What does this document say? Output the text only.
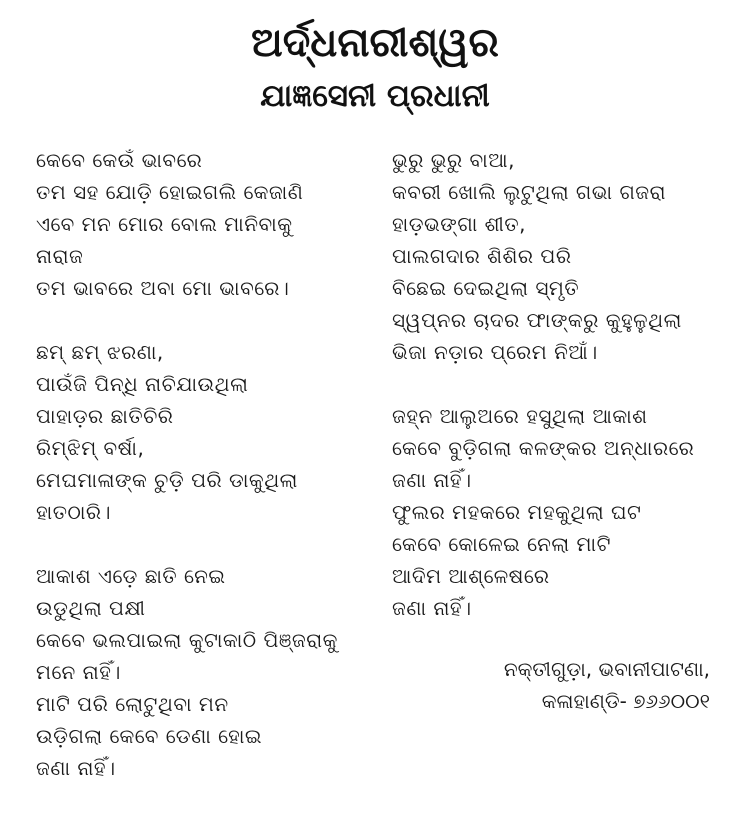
ଅର୍ଦ୍ଧନାରୀଶ୍ୱର
ଯାଜ୍ଞସେନୀ ପ୍ରଧାନୀ
କେବେ କେଉଁ ଭାବରେ
ତମ ସହ ଯୋଡ଼ି ହୋଇଗଲି କେଜାଣି
ଏବେ ମନ ମୋର ବୋଲ ମାନିବାକୁ
ନାରାଜ
ତମ ଭାବରେ ଅବା ମୋ ଭାବରେ।
ଛମ୍ ଛମ୍ ଝରଣା,
ପାଉଁଜି ପିନ୍ଧି ନାଚିଯାଉଥିଲା
ପାହାଡ଼ର ଛାତିଚିରି
ରିମ୍‌ଝିମ୍ ବର୍ଷା,
ମେଘମାଳାଙ୍କ ଚୁଡ଼ି ପରି ଡାକୁଥିଲା
ହାତଠାରି।
ଆକାଶ ଏଡ଼େ ଛାତି ନେଇ
ଉଡୁଥିଲା ପକ୍ଷୀ
କେବେ ଭଲପାଇଲା କୁଟାକାଠି ପିଞ୍ଜରାକୁ
ମନେ ନାହିଁ।
ମାଟି ପରି ଲୋଟୁଥିବା ମନ
ଉଡ଼ିଗଲା କେବେ ଡେଣା ହୋଇ
ଜଣା ନାହିଁ।
ଭୁରୁ ଭୁରୁ ବାଆ,
କବରୀ ଖୋଲି ଲୁଟୁଥିଲା ଗଭା ଗଜରା
ହାଡ଼ଭଙ୍ଗା ଶୀତ,
ପାଲଗଦାର ଶିଶିର ପରି
ବିଛେଇ ଦେଇଥିଲା ସ୍ମୃତି
ସ୍ୱପ୍ନର ଚାଦର ଫାଙ୍କରୁ କୁହୁଳୁଥିଲା
ଭିଜା ନଡ଼ାର ପ୍ରେମ ନିଆଁ।
ଜହ୍ନ ଆଲୁଅରେ ହସୁଥିଲା ଆକାଶ
କେବେ ବୁଡ଼ିଗଲା କଳଙ୍କର ଅନ୍ଧାରରେ
ଜଣା ନାହିଁ।
ଫୁଲର ମହକରେ ମହକୁଥିଲା ଘଟ
କେବେ କୋଳେଇ ନେଲା ମାଟି
ଆଦିମ ଆଶ୍ଳେଷରେ
ଜଣା ନାହିଁ।
ନକ୍ତୀଗୁଡ଼ା, ଭବାନୀପାଟଣା,
କଳାହାଣ୍ଡି- ୭୬୬୦୦୧
